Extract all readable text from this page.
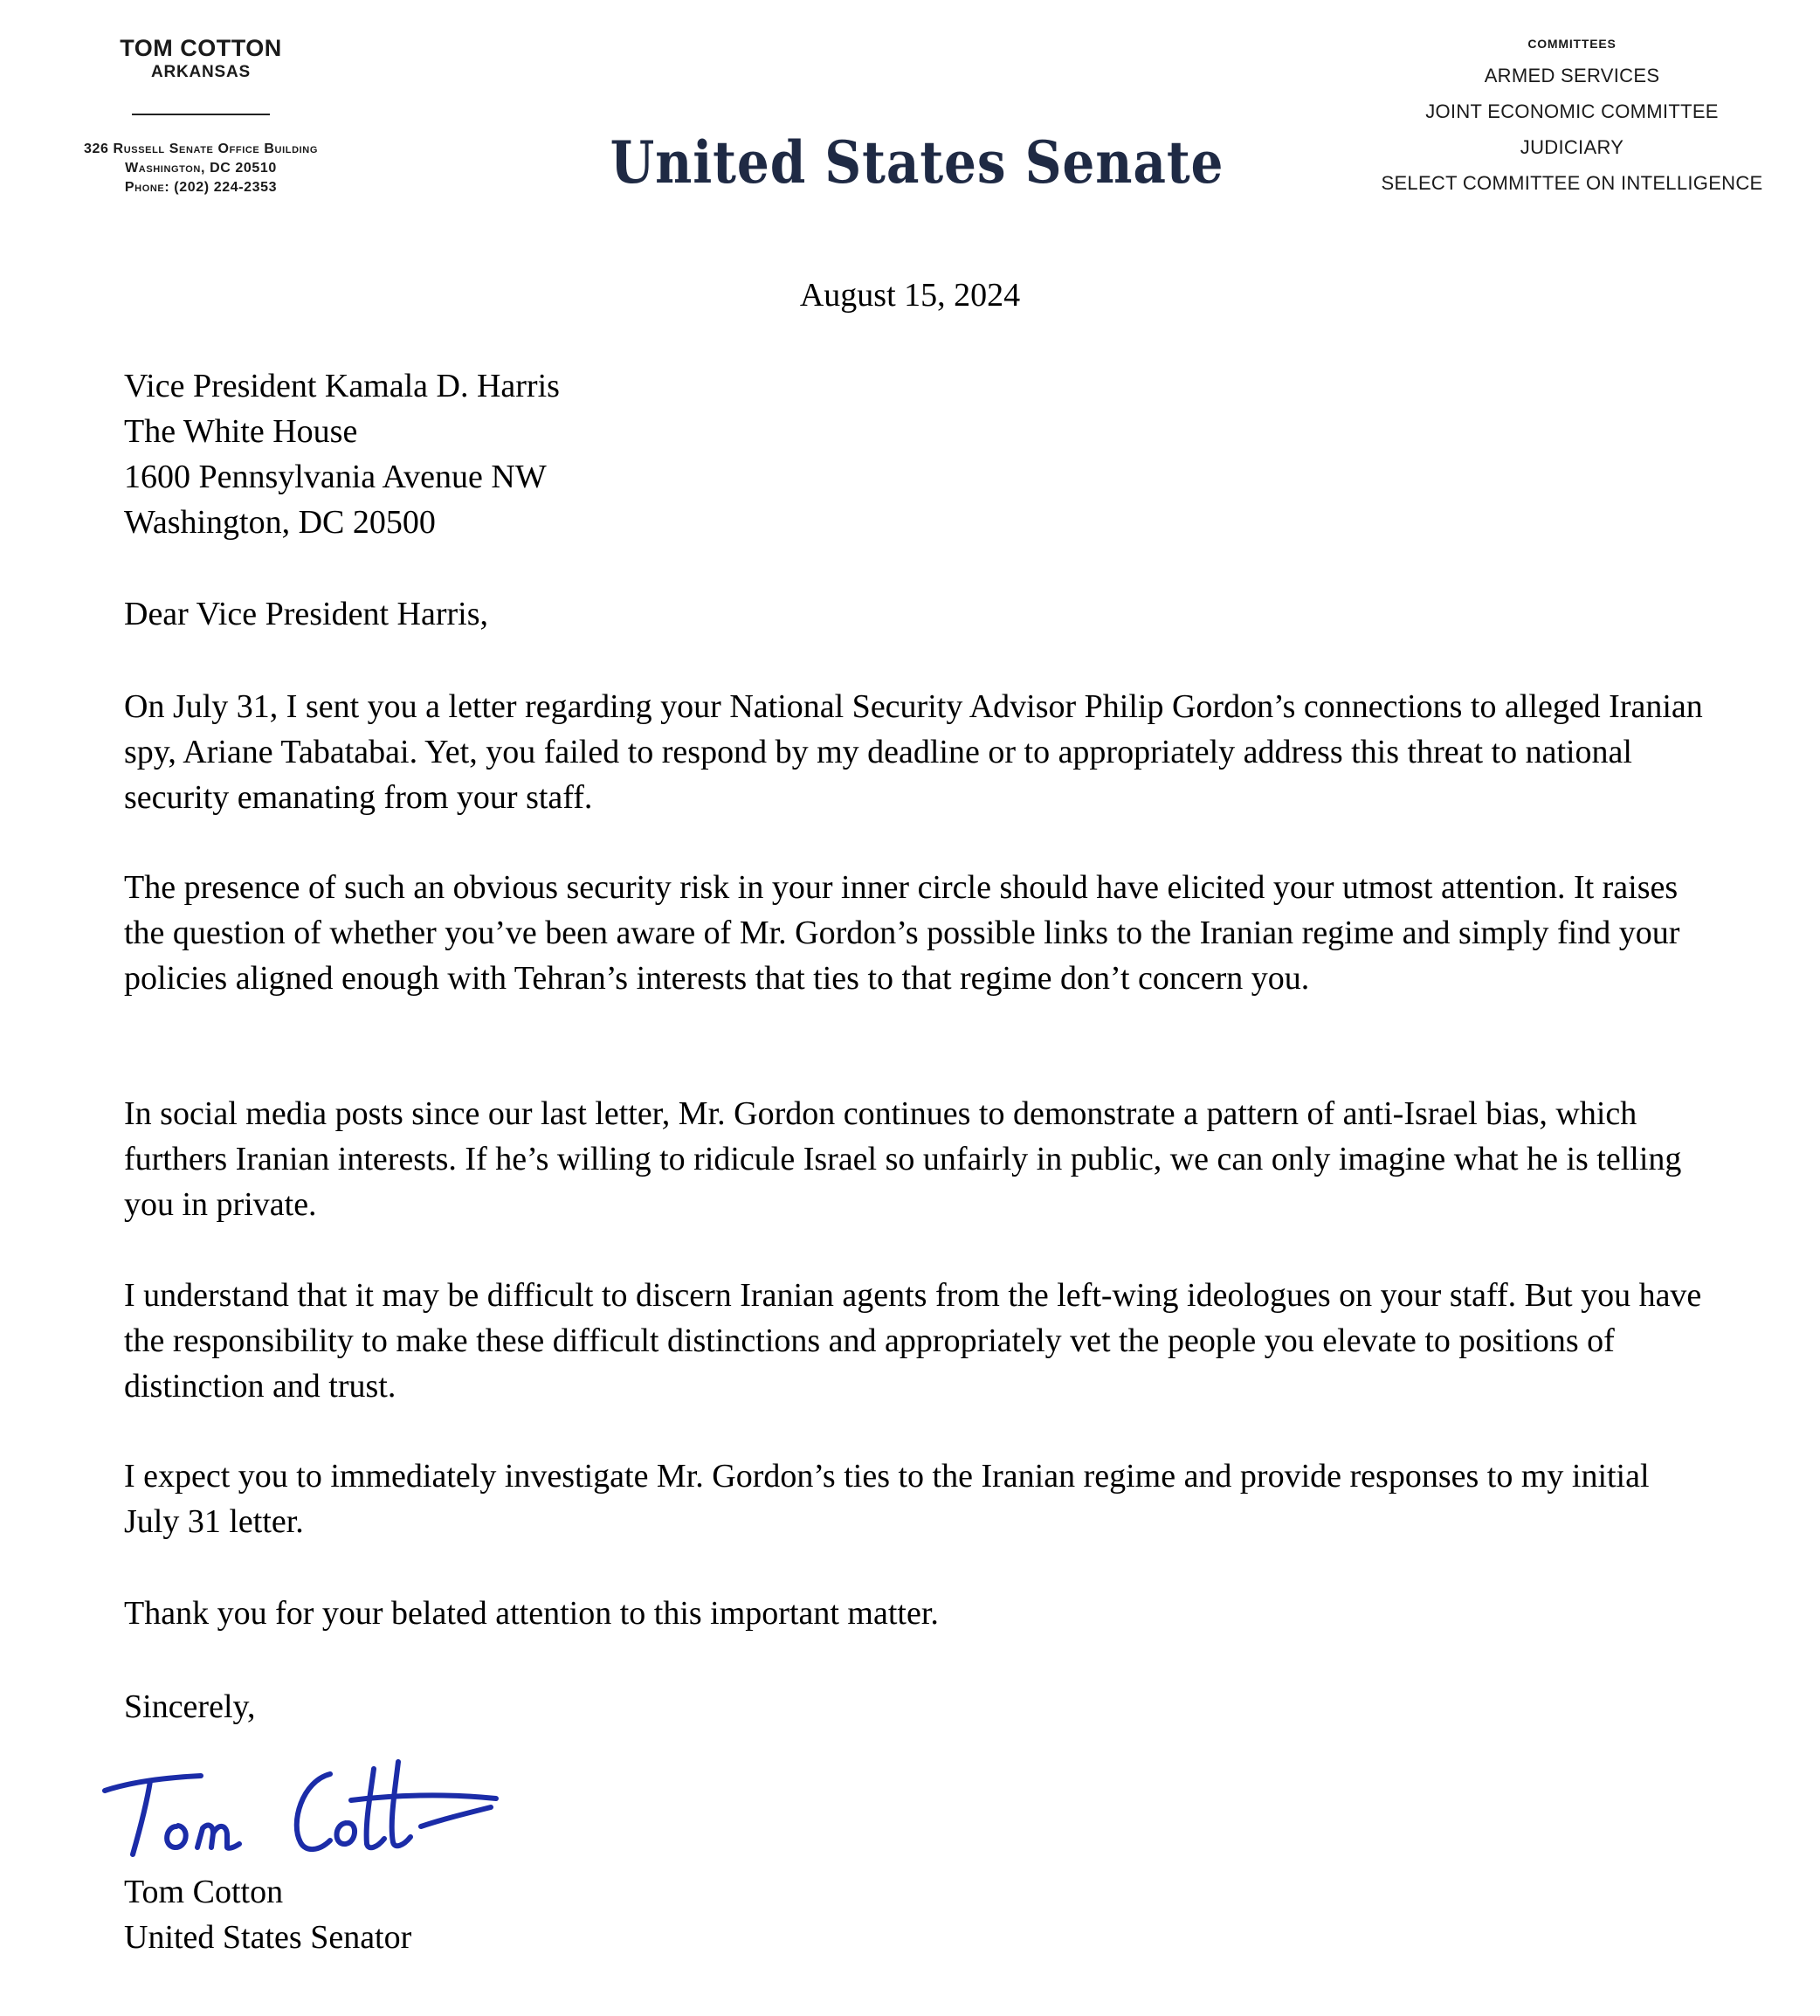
TOM COTTON
ARKANSAS
326 Russell Senate Office Building
Washington, DC 20510
Phone: (202) 224-2353	United States Senate
COMMITTEES
ARMED SERVICES
JOINT ECONOMIC COMMITTEE
JUDICIARY
SELECT COMMITTEE ON INTELLIGENCE
August 15, 2024
Vice President Kamala D. Harris
The White House
1600 Pennsylvania Avenue NW
Washington, DC 20500
Dear Vice President Harris,

On July 31, I sent you a letter regarding your National Security Advisor Philip Gordon’s connections to alleged Iranian spy, Ariane Tabatabai. Yet, you failed to respond by my deadline or to appropriately address this threat to national security emanating from your staff.

The presence of such an obvious security risk in your inner circle should have elicited your utmost attention. It raises the question of whether you’ve been aware of Mr. Gordon’s possible links to the Iranian regime and simply find your policies aligned enough with Tehran’s interests that ties to that regime don’t concern you.

In social media posts since our last letter, Mr. Gordon continues to demonstrate a pattern of anti-Israel bias, which furthers Iranian interests. If he’s willing to ridicule Israel so unfairly in public, we can only imagine what he is telling you in private.

I understand that it may be difficult to discern Iranian agents from the left-wing ideologues on your staff. But you have the responsibility to make these difficult distinctions and appropriately vet the people you elevate to positions of distinction and trust.

I expect you to immediately investigate Mr. Gordon’s ties to the Iranian regime and provide responses to my initial July 31 letter.

Thank you for your belated attention to this important matter.

Sincerely,
Tom Cotton
United States Senator
